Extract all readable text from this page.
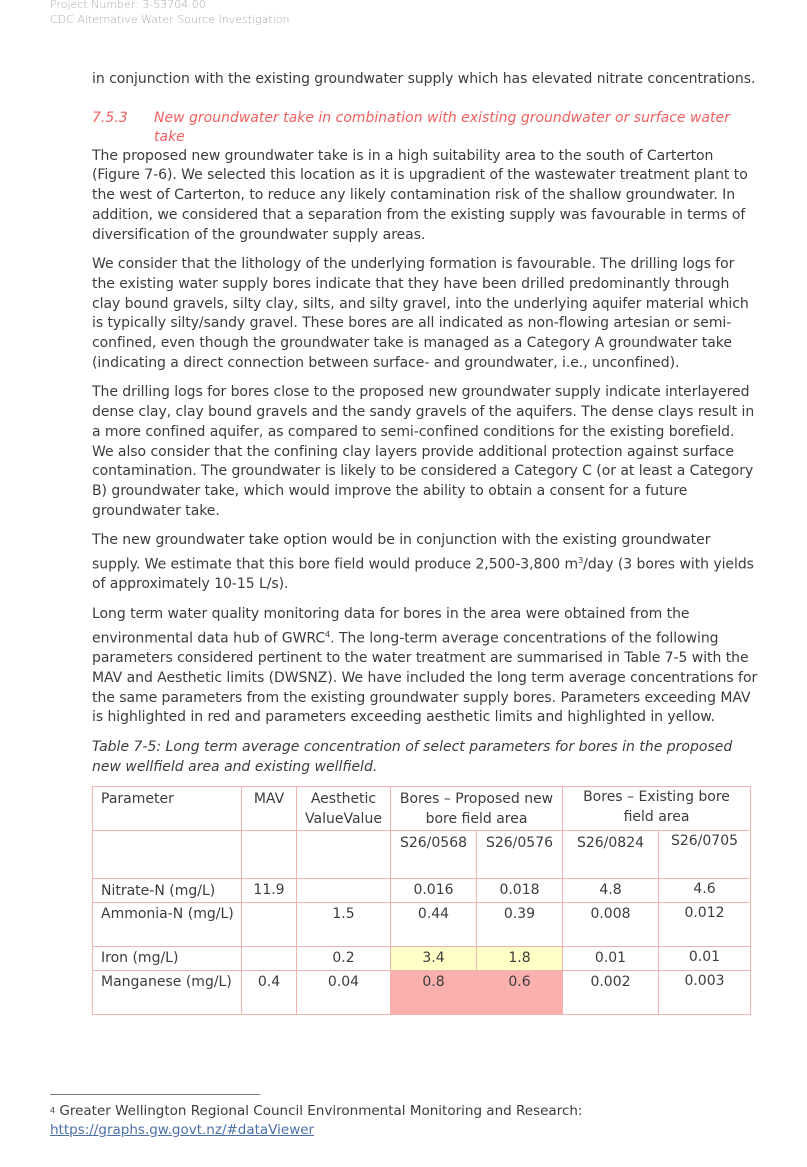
Project Number: 3-53704.00
CDC Alternative Water Source Investigation

in conjunction with the existing groundwater supply which has elevated nitrate concentrations.

7.5.3	New groundwater take in combination with existing groundwater or surface water take

The proposed new groundwater take is in a high suitability area to the south of Carterton (Figure 7-6). We selected this location as it is upgradient of the wastewater treatment plant to the west of Carterton, to reduce any likely contamination risk of the shallow groundwater. In addition, we considered that a separation from the existing supply was favourable in terms of diversification of the groundwater supply areas.

We consider that the lithology of the underlying formation is favourable. The drilling logs for the existing water supply bores indicate that they have been drilled predominantly through clay bound gravels, silty clay, silts, and silty gravel, into the underlying aquifer material which is typically silty/sandy gravel. These bores are all indicated as non-flowing artesian or semi-confined, even though the groundwater take is managed as a Category A groundwater take (indicating a direct connection between surface- and groundwater, i.e., unconfined).

The drilling logs for bores close to the proposed new groundwater supply indicate interlayered dense clay, clay bound gravels and the sandy gravels of the aquifers. The dense clays result in a more confined aquifer, as compared to semi-confined conditions for the existing borefield. We also consider that the confining clay layers provide additional protection against surface contamination. The groundwater is likely to be considered a Category C (or at least a Category B) groundwater take, which would improve the ability to obtain a consent for a future groundwater take.

The new groundwater take option would be in conjunction with the existing groundwater supply. We estimate that this bore field would produce 2,500-3,800 $m^3$/day (3 bores with yields of approximately 10-15 L/s).

Long term water quality monitoring data for bores in the area were obtained from the environmental data hub of GWRC$^4$. The long-term average concentrations of the following parameters considered pertinent to the water treatment are summarised in Table 7-5 with the MAV and Aesthetic limits (DWSNZ). We have included the long term average concentrations for the same parameters from the existing groundwater supply bores. Parameters exceeding MAV is highlighted in red and parameters exceeding aesthetic limits and highlighted in yellow.

Table 7-5: Long term average concentration of select parameters for bores in the proposed new wellfield area and existing wellfield.
Parameter	MAV	Aesthetic ValueValue	Bores – Proposed new bore field area		Bores – Existing bore field area	
			S26/0568	S26/0576	S26/0824	S26/0705
Nitrate-N (mg/L)	11.9		0.016	0.018	4.8	4.6
Ammonia-N (mg/L)		1.5	0.44	0.39	0.008	0.012
Iron (mg/L)		0.2	3.4	1.8	0.01	0.01
Manganese (mg/L)	0.4	0.04	0.8	0.6	0.002	0.003
$^4$ Greater Wellington Regional Council Environmental Monitoring and Research:
https://graphs.gw.govt.nz/#dataViewer
